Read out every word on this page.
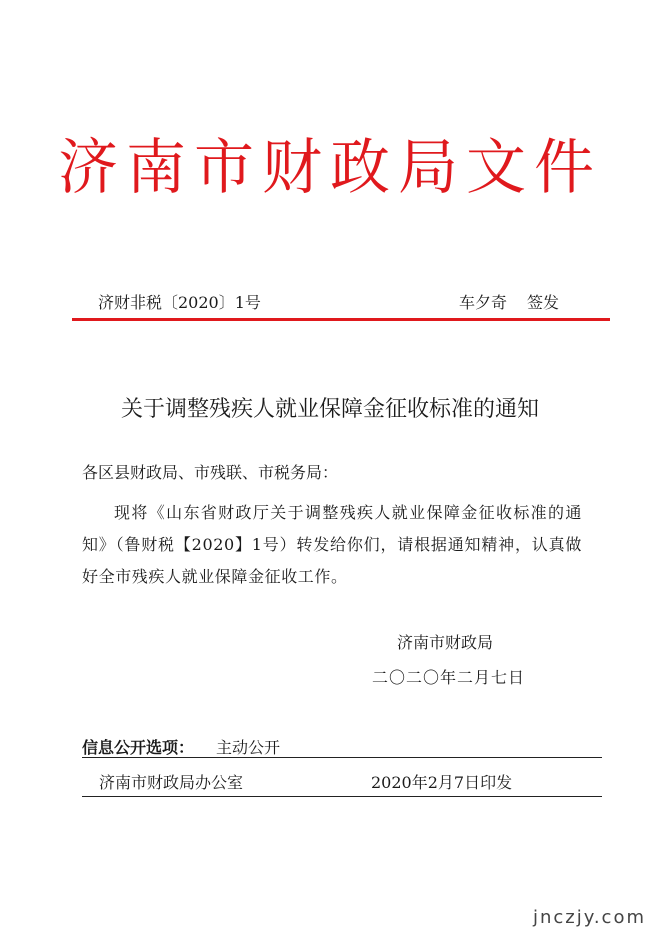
济南市财政局文件
济财非税〔2020〕1号	车夕奇 签发
关于调整残疾人就业保障金征收标准的通知
各区县财政局、市残联、市税务局：
现将《山东省财政厅关于调整残疾人就业保障金征收标准的通知》（鲁财税【2020】1号）转发给你们，请根据通知精神，认真做好全市残疾人就业保障金征收工作。
济南市财政局
二〇二〇年二月七日
信息公开选项： 主动公开
济南市财政局办公室	2020年2月7日印发
jnczjy.com
